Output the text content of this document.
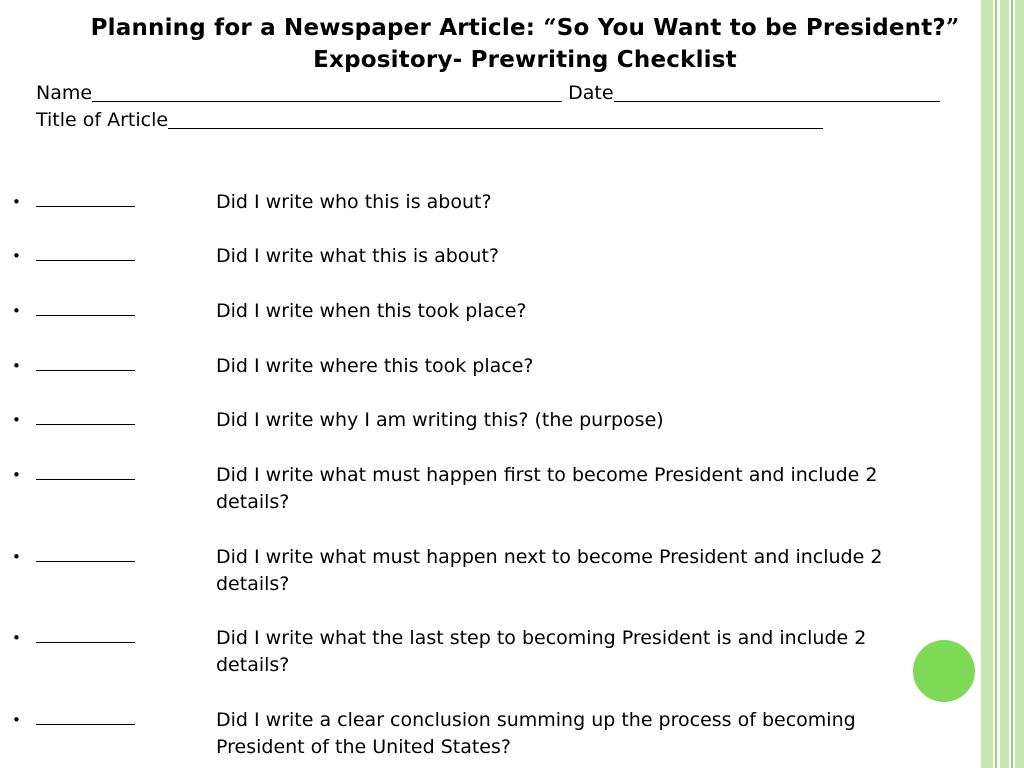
Planning for a Newspaper Article: “So You Want to be President?”
Expository- Prewriting Checklist
Name	Date
Title of Article
•	Did I write who this is about?
•	Did I write what this is about?
•	Did I write when this took place?
•	Did I write where this took place?
•	Did I write why I am writing this? (the purpose)
•	Did I write what must happen first to become President and include 2 details?
•	Did I write what must happen next to become President and include 2 details?
•	Did I write what the last step to becoming President is and include 2 details?
•	Did I write a clear conclusion summing up the process of becoming President of the United States?
